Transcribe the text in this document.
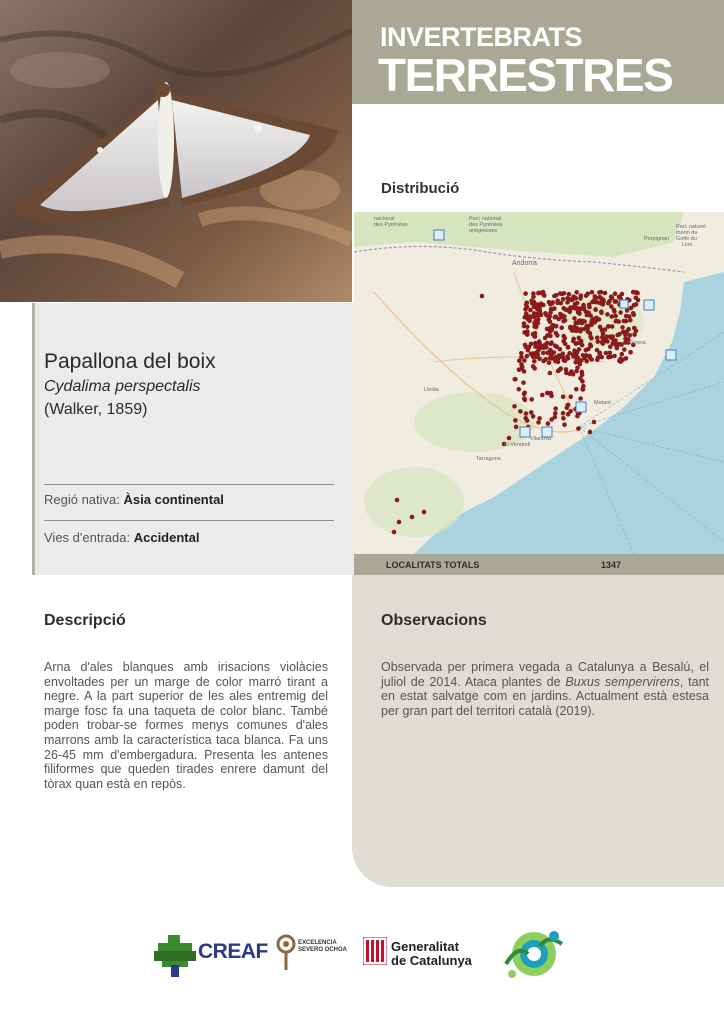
INVERTEBRATS
TERRESTRES
Papallona del boix
Cydalima perspectalis
(Walker, 1859)
Regió nativa: Àsia continental
Vies d'entrada: Accidental
Distribució
nacional
des Pyrénées
Parc national
des Pyrénées
ariégeoises
Andorra
Perpignan
Parc naturel
marin du
Golfe du
Lion
Girona
Lleida
Mataró
Tarragona
El Vendrell
Vilanova
LOCALITATS TOTALS	1347
Descripció
Arna d'ales blanques amb irisacions violàcies envoltades per un marge de color marró tirant a negre. A la part superior de les ales entremig del marge fosc fa una taqueta de color blanc. També poden trobar-se formes menys comunes d'ales marrons amb la característica taca blanca. Fa uns 26-45 mm d'embergadura. Presenta les antenes filiformes que queden tirades enrere damunt del tòrax quan està en repòs.
Observacions
Observada per primera vegada a Catalunya a Besalú, el juliol de 2014. Ataca plantes de Buxus sempervirens, tant en estat salvatge com en jardins. Actualment està estesa per gran part del territori català (2019).
CREAF	EXCELENCIA SEVERO OCHOA	Generalitat
de Catalunya
